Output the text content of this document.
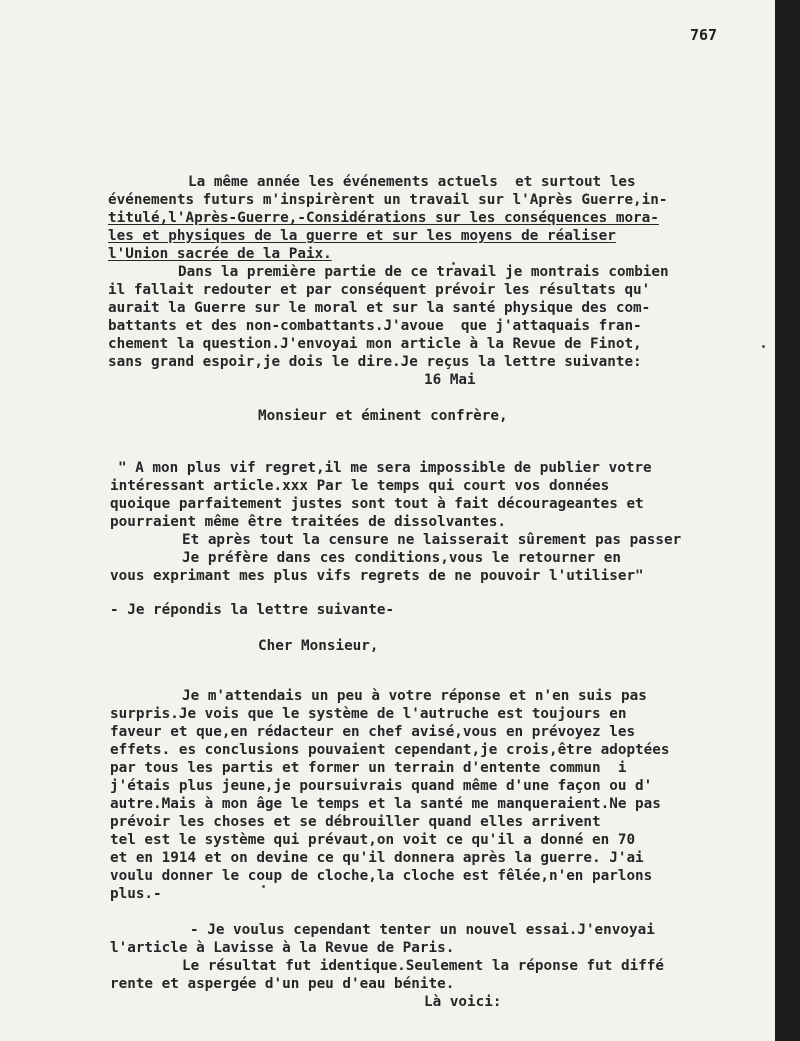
767

La même année les événements actuels  et surtout les

événements futurs m'inspirèrent un travail sur l'Après Guerre,in-

titulé,l'Après-Guerre,-Considérations sur les conséquences mora-

les et physiques de la guerre et sur les moyens de réaliser

l'Union sacrée de la Paix.

Dans la première partie de ce travail je montrais combien

il fallait redouter et par conséquent prévoir les résultats qu'

aurait la Guerre sur le moral et sur la santé physique des com-

battants et des non-combattants.J'avoue  que j'attaquais fran-

chement la question.J'envoyai mon article à la Revue de Finot,

sans grand espoir,je dois le dire.Je reçus la lettre suivante:

16 Mai

Monsieur et éminent confrère,

" A mon plus vif regret,il me sera impossible de publier votre

intéressant article.xxx Par le temps qui court vos données

quoique parfaitement justes sont tout à fait décourageantes et

pourraient même être traitées de dissolvantes.

Et après tout la censure ne laisserait sûrement pas passer

Je préfère dans ces conditions,vous le retourner en

vous exprimant mes plus vifs regrets de ne pouvoir l'utiliser"

- Je répondis la lettre suivante-

Cher Monsieur,

Je m'attendais un peu à votre réponse et n'en suis pas

surpris.Je vois que le système de l'autruche est toujours en

faveur et que,en rédacteur en chef avisé,vous en prévoyez les

effets. es conclusions pouvaient cependant,je crois,être adoptées

par tous les partis et former un terrain d'entente commun  i

j'étais plus jeune,je poursuivrais quand même d'une façon ou d'

autre.Mais à mon âge le temps et la santé me manqueraient.Ne pas

prévoir les choses et se débrouiller quand elles arrivent

tel est le système qui prévaut,on voit ce qu'il a donné en 70

et en 1914 et on devine ce qu'il donnera après la guerre. J'ai

voulu donner le coup de cloche,la cloche est fêlée,n'en parlons

plus.-

- Je voulus cependant tenter un nouvel essai.J'envoyai

l'article à Lavisse à la Revue de Paris.

Le résultat fut identique.Seulement la réponse fut diffé

rente et aspergée d'un peu d'eau bénite.

Là voici:
